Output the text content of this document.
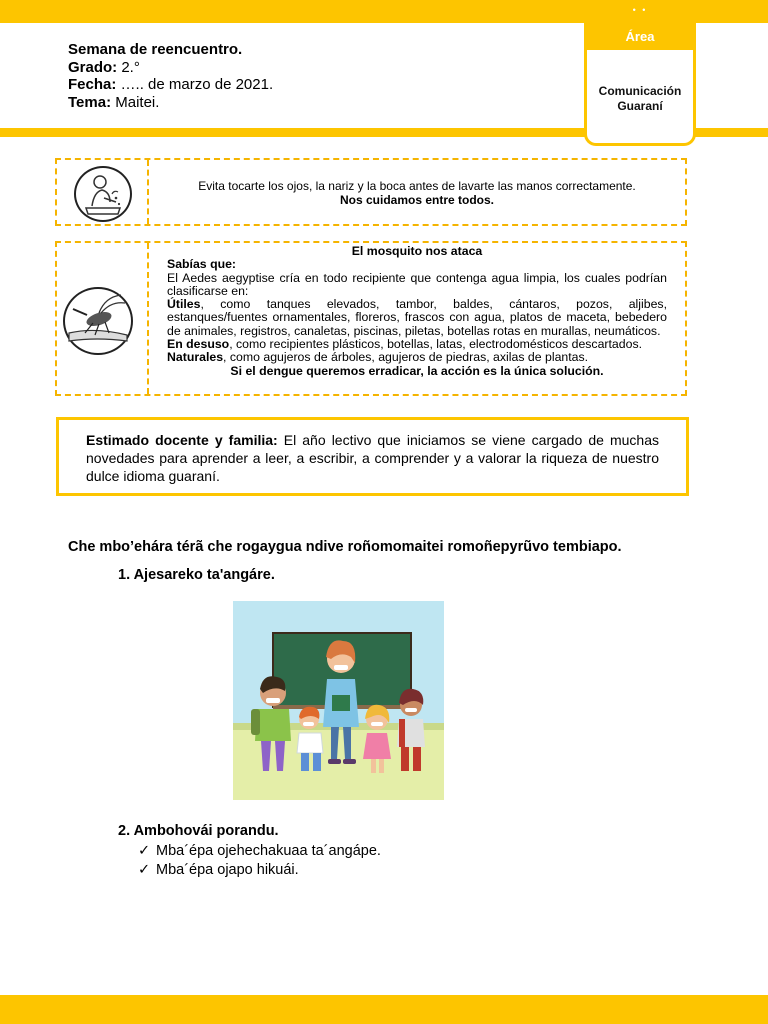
Semana de reencuentro.
Grado: 2.°
Fecha: ….. de marzo de 2021.
Tema: Maitei.
• •
Área
Comunicación
Guaraní
Evita tocarte los ojos, la nariz y la boca antes de lavarte las manos correctamente.
Nos cuidamos entre todos.
El mosquito nos ataca
Sabías que:
El Aedes aegyptise cría en todo recipiente que contenga agua limpia, los cuales podrían clasificarse en:
Útiles, como tanques elevados, tambor, baldes, cántaros, pozos, aljibes, estanques/fuentes ornamentales, floreros, frascos con agua, platos de maceta, bebedero de animales, registros, canaletas, piscinas, piletas, botellas rotas en murallas, neumáticos.
En desuso, como recipientes plásticos, botellas, latas, electrodomésticos descartados.
Naturales, como agujeros de árboles, agujeros de piedras, axilas de plantas.
Si el dengue queremos erradicar, la acción es la única solución.
Estimado docente y familia: El año lectivo que iniciamos se viene cargado de muchas novedades para aprender a leer, a escribir, a comprender y a valorar la riqueza de nuestro dulce idioma guaraní.
Che mbo’ehára térã che rogaygua ndive roñomomaitei romoñepyrũvo tembiapo.
1. Ajesareko ta'angáre.
2. Ambohovái porandu.
✓ Mba´épa ojehechakuaa ta´angápe.
✓ Mba´épa ojapo hikuái.
